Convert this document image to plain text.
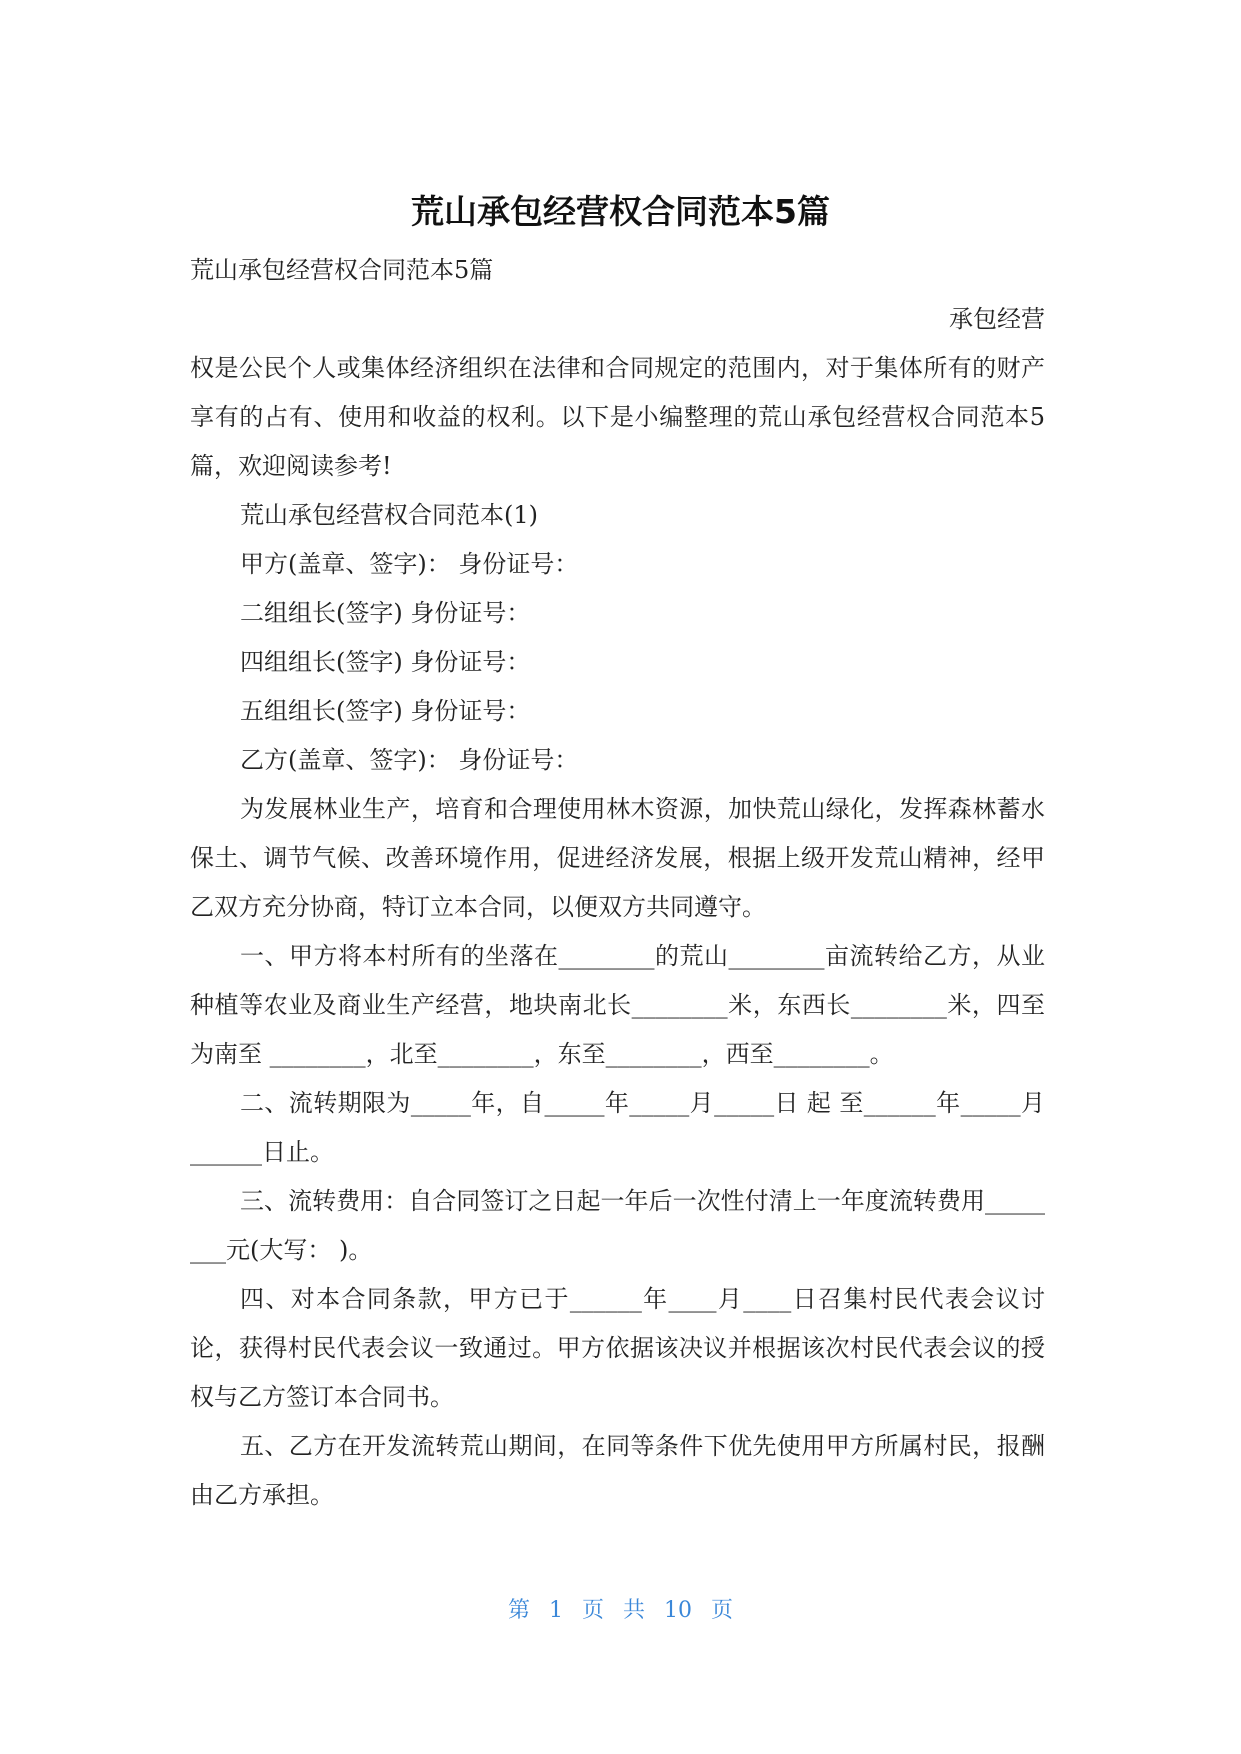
荒山承包经营权合同范本5篇
荒山承包经营权合同范本5篇
承包经营

权是公民个人或集体经济组织在法律和合同规定的范围内，对于集体所有的财产享有的占有、使用和收益的权利。以下是小编整理的荒山承包经营权合同范本5篇，欢迎阅读参考!

荒山承包经营权合同范本(1)
甲方(盖章、签字)： 身份证号：
二组组长(签字) 身份证号：
四组组长(签字) 身份证号：
五组组长(签字) 身份证号：
乙方(盖章、签字)： 身份证号：

为发展林业生产，培育和合理使用林木资源，加快荒山绿化，发挥森林蓄水保土、调节气候、改善环境作用，促进经济发展，根据上级开发荒山精神，经甲乙双方充分协商，特订立本合同，以便双方共同遵守。

一、甲方将本村所有的坐落在________的荒山________亩流转给乙方，从业种植等农业及商业生产经营，地块南北长________米，东西长________米，四至为南至 ________，北至________，东至________，西至________。

二、流转期限为_____年，自_____年_____月_____日 起 至______年_____月______日止。

三、流转费用：自合同签订之日起一年后一次性付清上一年度流转费用________元(大写： )。

四、对本合同条款，甲方已于______年____月____日召集村民代表会议讨论，获得村民代表会议一致通过。甲方依据该决议并根据该次村民代表会议的授权与乙方签订本合同书。

五、乙方在开发流转荒山期间，在同等条件下优先使用甲方所属村民，报酬由乙方承担。

第 1 页 共 10 页
